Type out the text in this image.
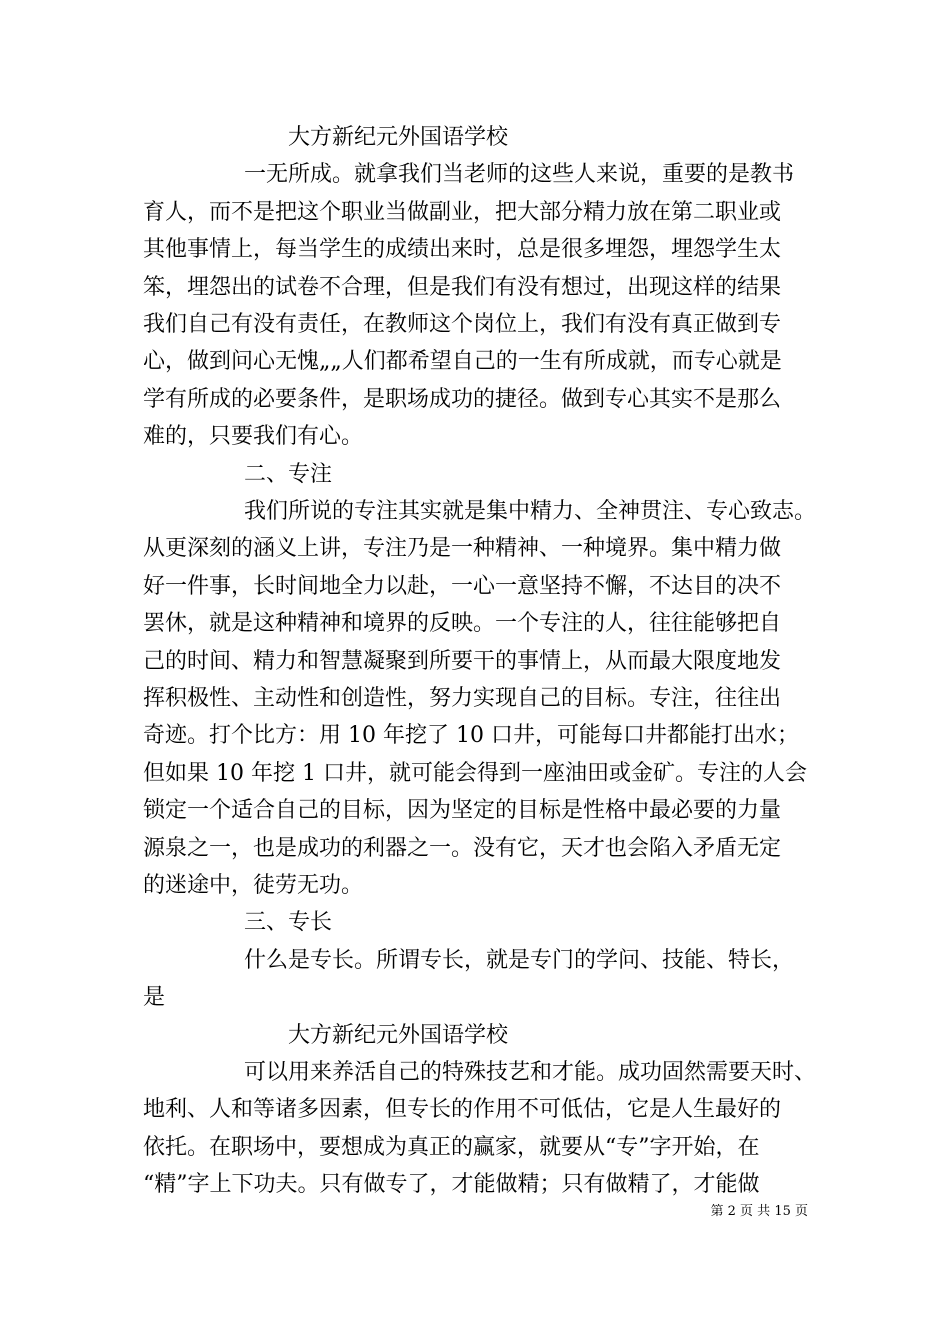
大方新纪元外国语学校
一无所成。就拿我们当老师的这些人来说，重要的是教书
育人，而不是把这个职业当做副业，把大部分精力放在第二职业或
其他事情上，每当学生的成绩出来时，总是很多埋怨，埋怨学生太
笨，埋怨出的试卷不合理，但是我们有没有想过，出现这样的结果
我们自己有没有责任，在教师这个岗位上，我们有没有真正做到专
心，做到问心无愧„„人们都希望自己的一生有所成就，而专心就是
学有所成的必要条件，是职场成功的捷径。做到专心其实不是那么
难的，只要我们有心。
二、专注
我们所说的专注其实就是集中精力、全神贯注、专心致志。
从更深刻的涵义上讲，专注乃是一种精神、一种境界。集中精力做
好一件事，长时间地全力以赴，一心一意坚持不懈，不达目的决不
罢休，就是这种精神和境界的反映。一个专注的人，往往能够把自
己的时间、精力和智慧凝聚到所要干的事情上，从而最大限度地发
挥积极性、主动性和创造性，努力实现自己的目标。专注，往往出
奇迹。打个比方：用 10 年挖了 10 口井，可能每口井都能打出水；
但如果 10 年挖 1 口井，就可能会得到一座油田或金矿。专注的人会
锁定一个适合自己的目标，因为坚定的目标是性格中最必要的力量
源泉之一，也是成功的利器之一。没有它，天才也会陷入矛盾无定
的迷途中，徒劳无功。
三、专长
什么是专长。所谓专长，就是专门的学问、技能、特长，
是
大方新纪元外国语学校
可以用来养活自己的特殊技艺和才能。成功固然需要天时、
地利、人和等诸多因素，但专长的作用不可低估，它是人生最好的
依托。在职场中，要想成为真正的赢家，就要从“专”字开始，在
“精”字上下功夫。只有做专了，才能做精；只有做精了，才能做
第 2 页 共 15 页
